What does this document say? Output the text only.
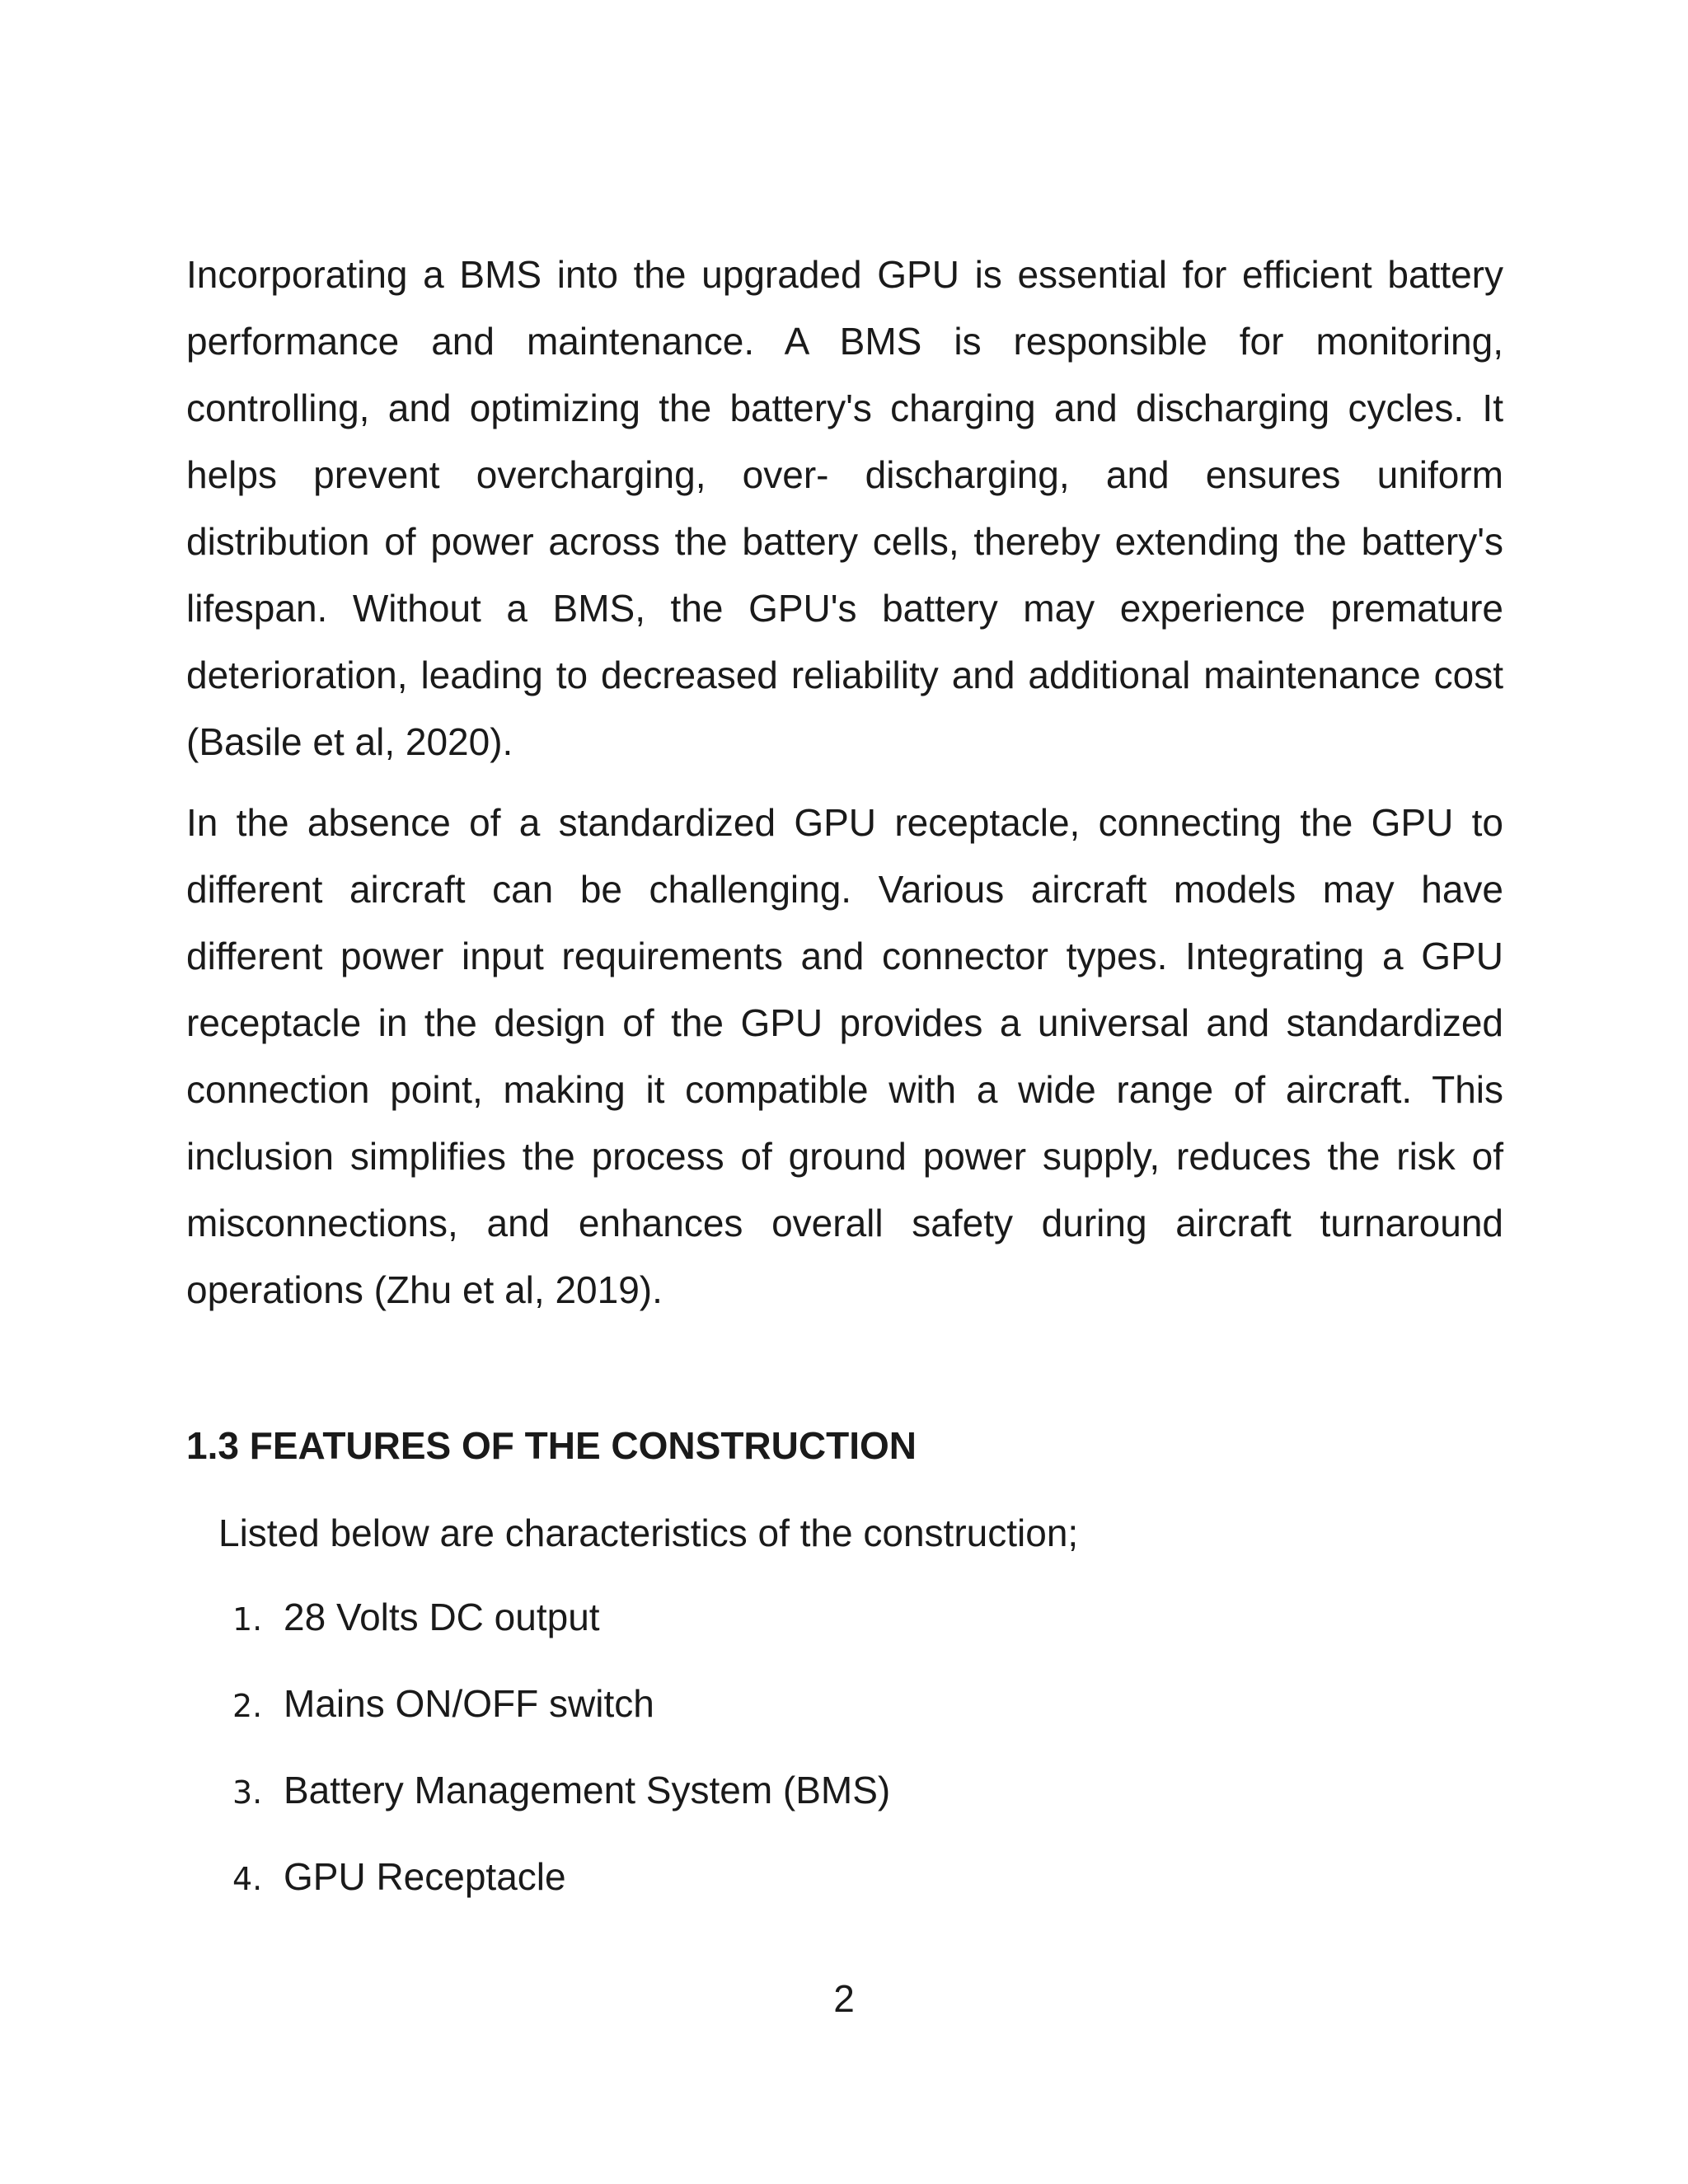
Incorporating a BMS into the upgraded GPU is essential for efficient battery performance and maintenance. A BMS is responsible for monitoring, controlling, and optimizing the battery's charging and discharging cycles. It helps prevent overcharging, over- discharging, and ensures uniform distribution of power across the battery cells, thereby extending the battery's lifespan. Without a BMS, the GPU's battery may experience premature deterioration, leading to decreased reliability and additional maintenance cost (Basile et al, 2020).

In the absence of a standardized GPU receptacle, connecting the GPU to different aircraft can be challenging. Various aircraft models may have different power input requirements and connector types. Integrating a GPU receptacle in the design of the GPU provides a universal and standardized connection point, making it compatible with a wide range of aircraft. This inclusion simplifies the process of ground power supply, reduces the risk of misconnections, and enhances overall safety during aircraft turnaround operations (Zhu et al, 2019).

1.3 FEATURES OF THE CONSTRUCTION

Listed below are characteristics of the construction;

1. 28 Volts DC output
2. Mains ON/OFF switch
3. Battery Management System (BMS)
4. GPU Receptacle

2
